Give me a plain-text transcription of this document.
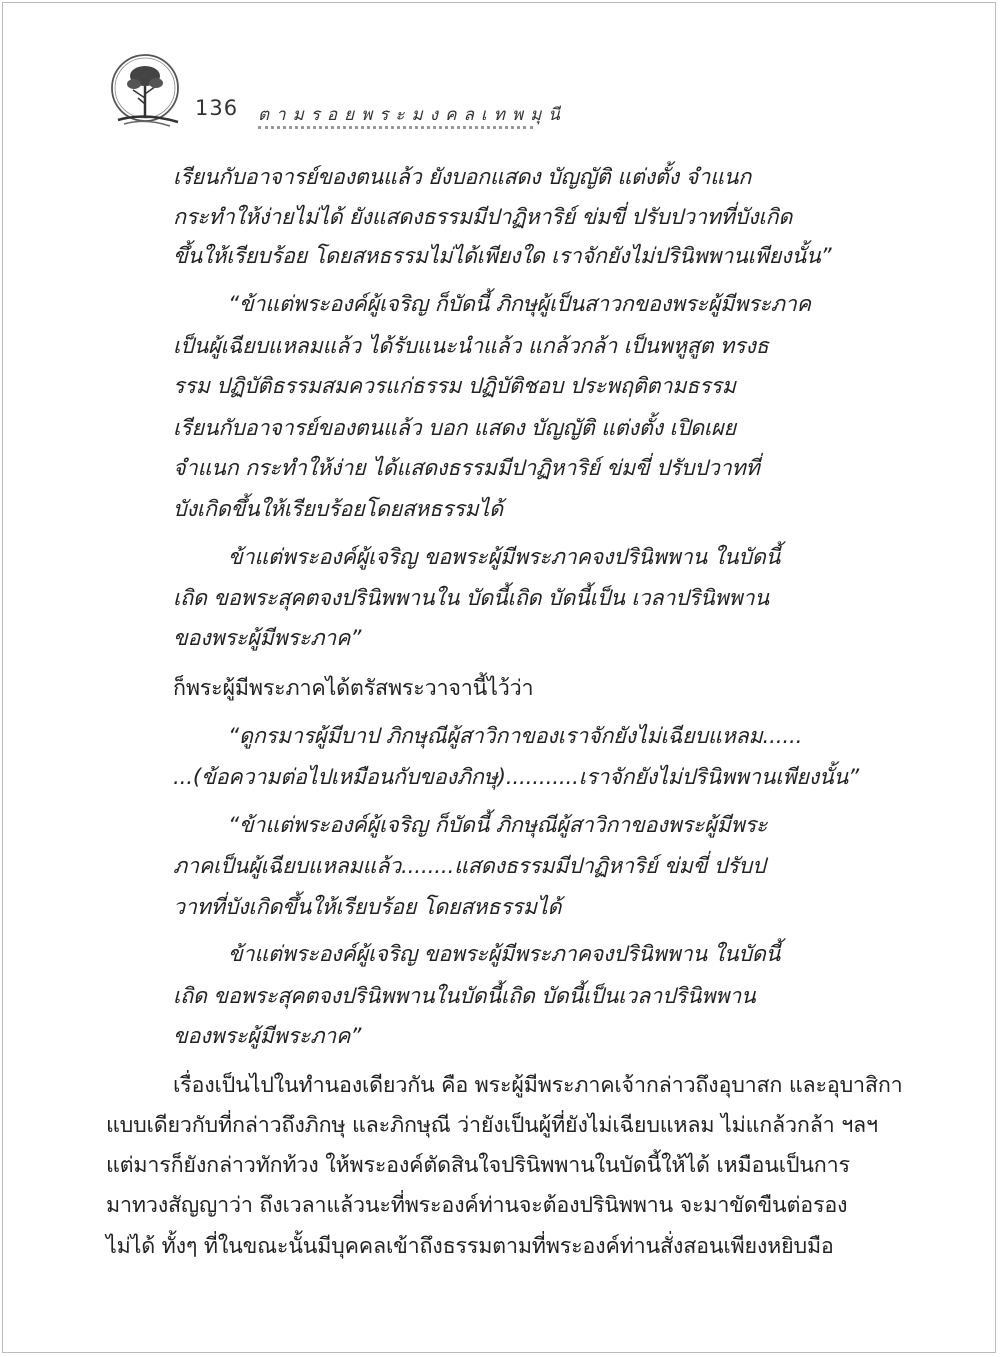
136 ตามรอยพระมงคลเทพมุนี
เรียนกับอาจารย์ของตนแล้ว ยังบอกแสดง บัญญัติ แต่งตั้ง จำแนก
กระทำให้ง่ายไม่ได้ ยังแสดงธรรมมีปาฏิหาริย์ ข่มขี่ ปรับปวาทที่บังเกิด
ขึ้นให้เรียบร้อย โดยสหธรรมไม่ได้เพียงใด เราจักยังไม่ปรินิพพานเพียงนั้น”
“ข้าแต่พระองค์ผู้เจริญ ก็บัดนี้ ภิกษุผู้เป็นสาวกของพระผู้มีพระภาค
เป็นผู้เฉียบแหลมแล้ว ได้รับแนะนำแล้ว แกล้วกล้า เป็นพหูสูต ทรงธ
รรม ปฏิบัติธรรมสมควรแก่ธรรม ปฏิบัติชอบ ประพฤติตามธรรม
เรียนกับอาจารย์ของตนแล้ว บอก แสดง บัญญัติ แต่งตั้ง เปิดเผย
จำแนก กระทำให้ง่าย ได้แสดงธรรมมีปาฏิหาริย์ ข่มขี่ ปรับปวาทที่
บังเกิดขึ้นให้เรียบร้อยโดยสหธรรมได้
ข้าแต่พระองค์ผู้เจริญ ขอพระผู้มีพระภาคจงปรินิพพาน ในบัดนี้
เถิด ขอพระสุคตจงปรินิพพานใน บัดนี้เถิด บัดนี้เป็น เวลาปรินิพพาน
ของพระผู้มีพระภาค”
ก็พระผู้มีพระภาคได้ตรัสพระวาจานี้ไว้ว่า
“ดูกรมารผู้มีบาป ภิกษุณีผู้สาวิกาของเราจักยังไม่เฉียบแหลม......
...(ข้อความต่อไปเหมือนกับของภิกษุ)...........เราจักยังไม่ปรินิพพานเพียงนั้น”
“ข้าแต่พระองค์ผู้เจริญ ก็บัดนี้ ภิกษุณีผู้สาวิกาของพระผู้มีพระ
ภาคเป็นผู้เฉียบแหลมแล้ว........แสดงธรรมมีปาฏิหาริย์ ข่มขี่ ปรับป
วาทที่บังเกิดขึ้นให้เรียบร้อย โดยสหธรรมได้
ข้าแต่พระองค์ผู้เจริญ ขอพระผู้มีพระภาคจงปรินิพพาน ในบัดนี้
เถิด ขอพระสุคตจงปรินิพพานในบัดนี้เถิด บัดนี้เป็นเวลาปรินิพพาน
ของพระผู้มีพระภาค”
เรื่องเป็นไปในทำนองเดียวกัน คือ พระผู้มีพระภาคเจ้ากล่าวถึงอุบาสก และอุบาสิกา
แบบเดียวกับที่กล่าวถึงภิกษุ และภิกษุณี ว่ายังเป็นผู้ที่ยังไม่เฉียบแหลม ไม่แกล้วกล้า ฯลฯ
แต่มารก็ยังกล่าวทักท้วง ให้พระองค์ตัดสินใจปรินิพพานในบัดนี้ให้ได้ เหมือนเป็นการ
มาทวงสัญญาว่า ถึงเวลาแล้วนะที่พระองค์ท่านจะต้องปรินิพพาน จะมาขัดขืนต่อรอง
ไม่ได้ ทั้งๆ ที่ในขณะนั้นมีบุคคลเข้าถึงธรรมตามที่พระองค์ท่านสั่งสอนเพียงหยิบมือ
